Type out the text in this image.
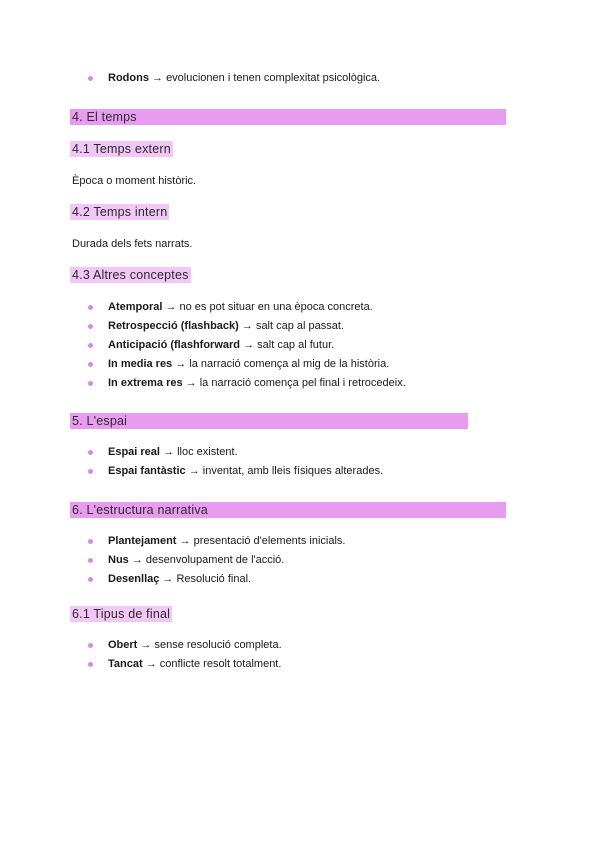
Rodons → evolucionen i tenen complexitat psicològica.
4. El temps
4.1 Temps extern
Època o moment històric.
4.2 Temps intern
Durada dels fets narrats.
4.3 Altres conceptes
Atemporal → no es pot situar en una època concreta.
Retrospecció (flashback) → salt cap al passat.
Anticipació (flashforward → salt cap al futur.
In media res → la narració comença al mig de la història.
In extrema res → la narració comença pel final i retrocedeix.
5. L'espai
Espai real → lloc existent.
Espai fantàstic → inventat, amb lleis físiques alterades.
6. L'estructura narrativa
Plantejament → presentació d'elements inicials.
Nus → desenvolupament de l'acció.
Desenllaç → Resolució final.
6.1 Tipus de final
Obert → sense resolució completa.
Tancat → conflicte resolt totalment.
